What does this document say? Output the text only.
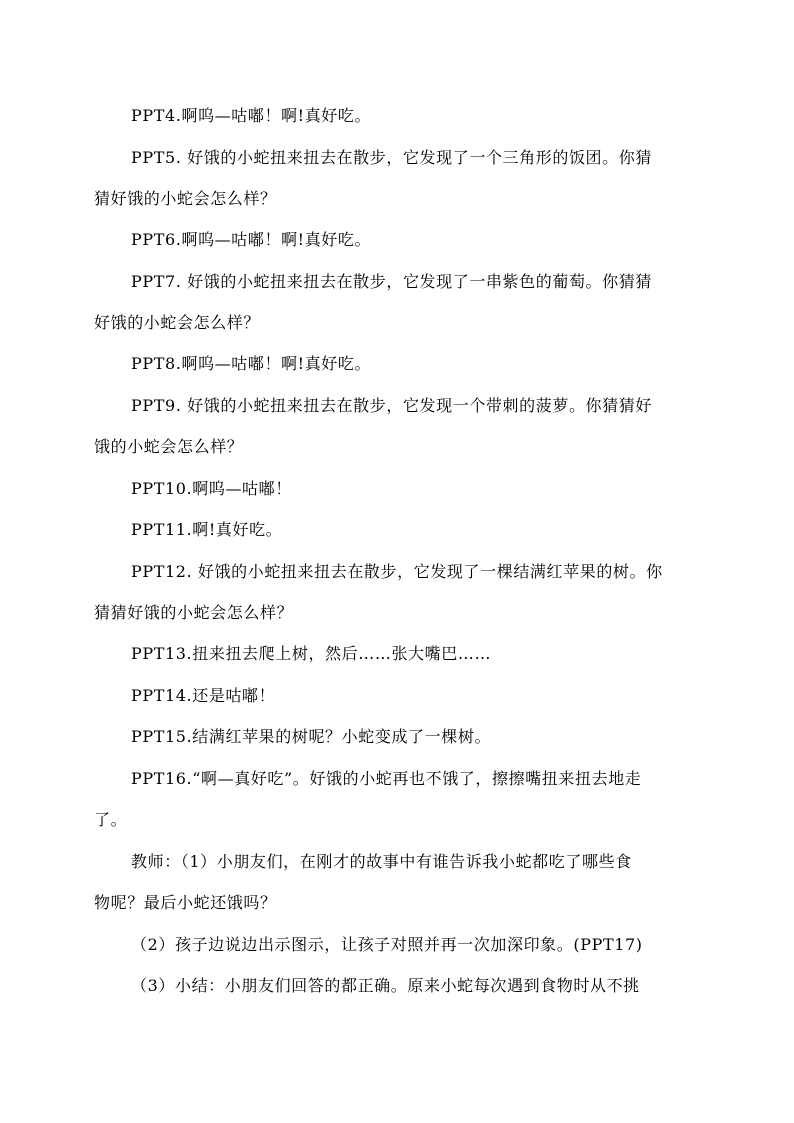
PPT4.啊呜—咕嘟！啊!真好吃。
PPT5. 好饿的小蛇扭来扭去在散步，它发现了一个三角形的饭团。你猜
猜好饿的小蛇会怎么样？
PPT6.啊呜—咕嘟！啊!真好吃。
PPT7. 好饿的小蛇扭来扭去在散步，它发现了一串紫色的葡萄。你猜猜
好饿的小蛇会怎么样？
PPT8.啊呜—咕嘟！啊!真好吃。
PPT9. 好饿的小蛇扭来扭去在散步，它发现一个带刺的菠萝。你猜猜好
饿的小蛇会怎么样？
PPT10.啊呜—咕嘟！
PPT11.啊!真好吃。
PPT12. 好饿的小蛇扭来扭去在散步，它发现了一棵结满红苹果的树。你
猜猜好饿的小蛇会怎么样？
PPT13.扭来扭去爬上树，然后……张大嘴巴……
PPT14.还是咕嘟！
PPT15.结满红苹果的树呢？小蛇变成了一棵树。
PPT16.“啊—真好吃”。好饿的小蛇再也不饿了，擦擦嘴扭来扭去地走
了。
教师：（1）小朋友们，在刚才的故事中有谁告诉我小蛇都吃了哪些食
物呢？最后小蛇还饿吗？
（2）孩子边说边出示图示，让孩子对照并再一次加深印象。(PPT17)
（3）小结：小朋友们回答的都正确。原来小蛇每次遇到食物时从不挑
